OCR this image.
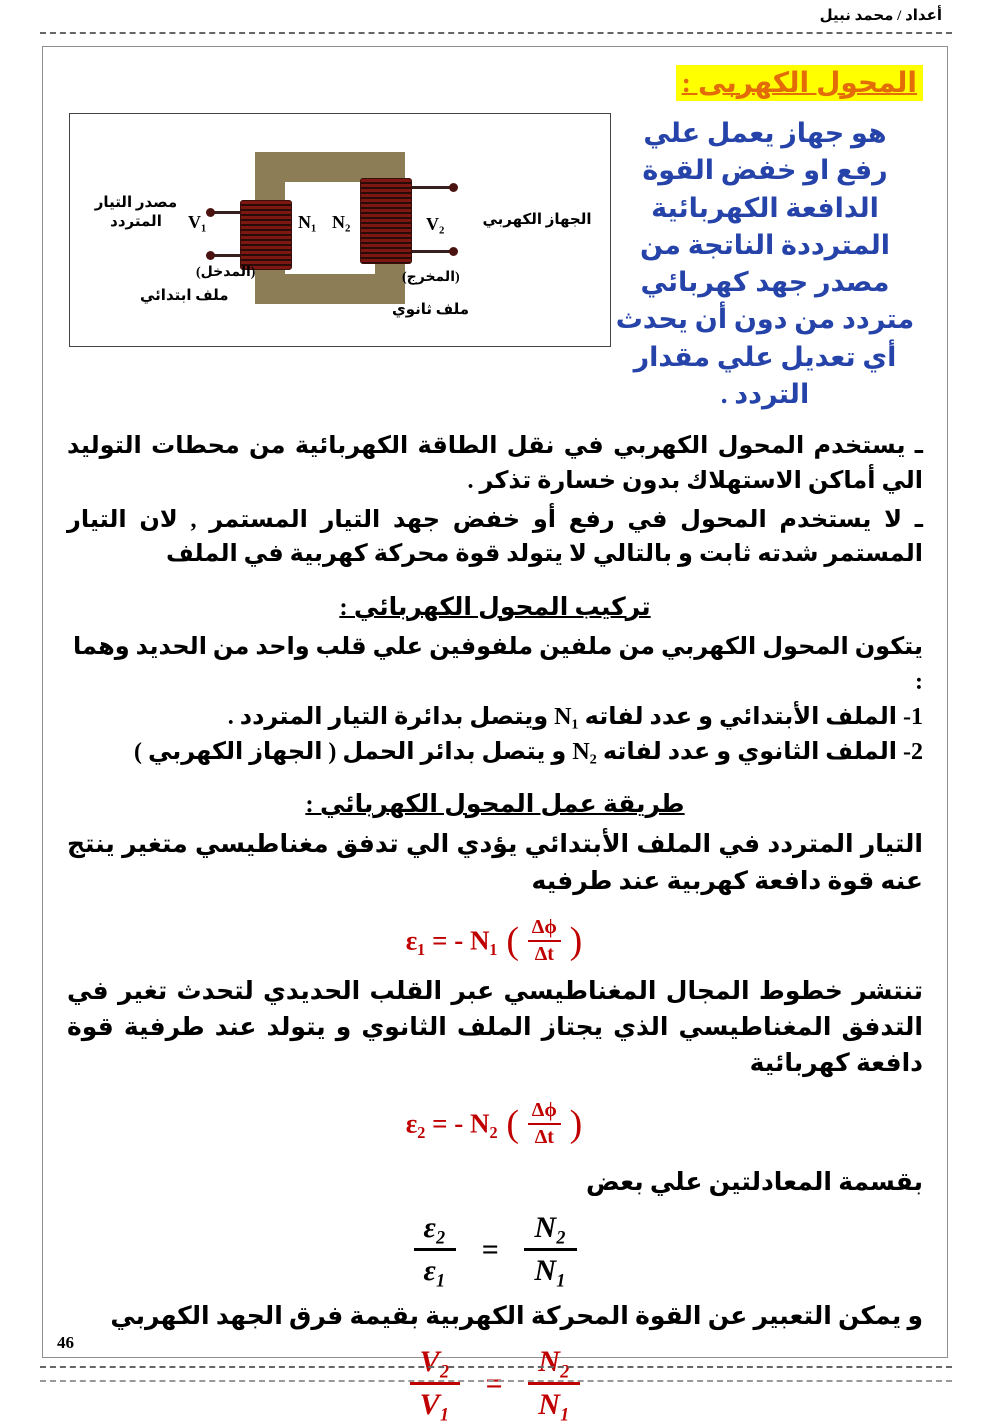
أعداد / محمد نبيل
المحول الكهربى :
مصدر التيار
المتردد	V₁	N₁ N₂	V₂
(المدخل)
ملف ابتدائي
(المخرج)
ملف ثانوي
الجهاز الكهربي
هو جهاز يعمل علي رفع او خفض القوة الدافعة الكهربائية المترددة الناتجة من مصدر جهد كهربائي متردد من دون أن يحدث أي تعديل علي مقدار التردد .
ـ يستخدم المحول الكهربي في نقل الطاقة الكهربائية من محطات التوليد الي أماكن الاستهلاك بدون خسارة تذكر .
ـ لا يستخدم المحول في رفع أو خفض جهد التيار المستمر , لان التيار المستمر شدته ثابت و بالتالي لا يتولد قوة محركة كهربية في الملف
تركيب المحول الكهربائي :
يتكون المحول الكهربي من ملفين ملفوفين علي قلب واحد من الحديد وهما :
1- الملف الأبتدائي و عدد لفاته N₁ ويتصل بدائرة التيار المتردد .
2- الملف الثانوي و عدد لفاته N₂ و يتصل بدائر الحمل ( الجهاز الكهربي )
طريقة عمل المحول الكهربائي :
التيار المتردد في الملف الأبتدائي يؤدي الي تدفق مغناطيسي متغير ينتج عنه قوة دافعة كهربية عند طرفيه
ε₁ = - N₁ ( $\frac{\Delta\phi}{\Delta t}$ )
تنتشر خطوط المجال المغناطيسي عبر القلب الحديدي لتحدث تغير في التدفق المغناطيسي الذي يجتاز الملف الثانوي و يتولد عند طرفية قوة دافعة كهربائية
ε₂ = - N₂ ( $\frac{\Delta\phi}{\Delta t}$ )
بقسمة المعادلتين علي بعض
$\frac{\text{ε₂}}{\text{ε₁}} = \frac{\text{N₂}}{\text{N₁}}$
و يمكن التعبير عن القوة المحركة الكهربية بقيمة فرق الجهد الكهربي
$\frac{\text{V₂}}{\text{V₁}} = \frac{\text{N₂}}{\text{N₁}}$
46
